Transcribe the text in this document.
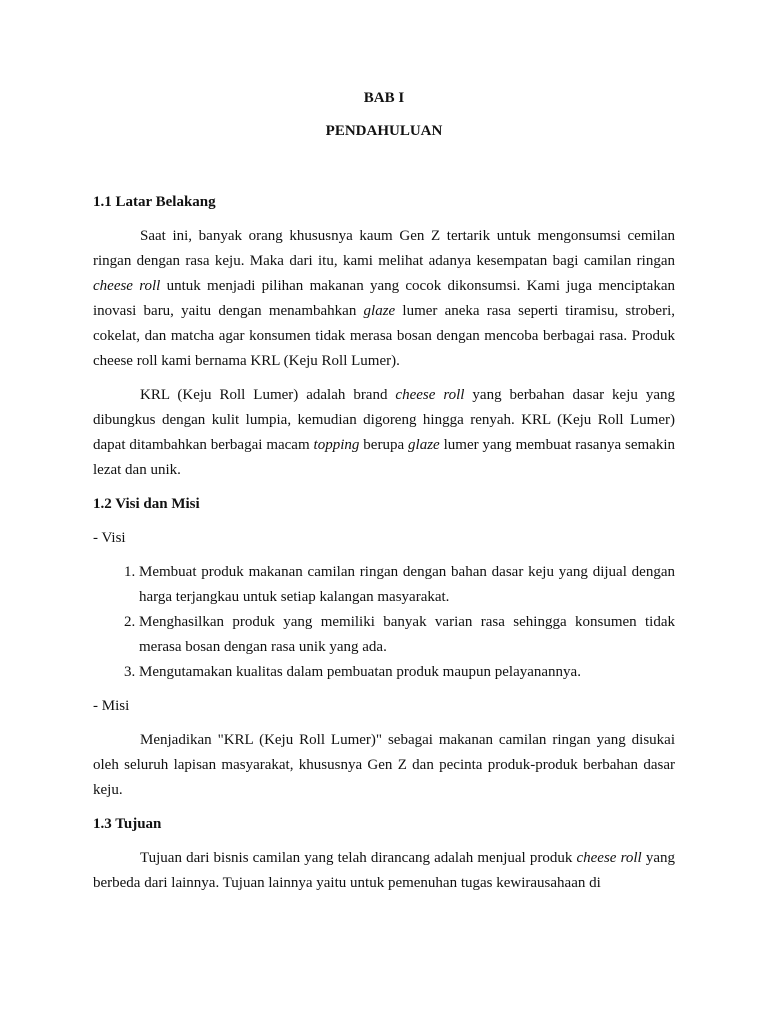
BAB I
PENDAHULUAN
1.1 Latar Belakang

Saat ini, banyak orang khususnya kaum Gen Z tertarik untuk mengonsumsi cemilan ringan dengan rasa keju. Maka dari itu, kami melihat adanya kesempatan bagi camilan ringan cheese roll untuk menjadi pilihan makanan yang cocok dikonsumsi. Kami juga menciptakan inovasi baru, yaitu dengan menambahkan glaze lumer aneka rasa seperti tiramisu, stroberi, cokelat, dan matcha agar konsumen tidak merasa bosan dengan mencoba berbagai rasa. Produk cheese roll kami bernama KRL (Keju Roll Lumer).

KRL (Keju Roll Lumer) adalah brand cheese roll yang berbahan dasar keju yang dibungkus dengan kulit lumpia, kemudian digoreng hingga renyah. KRL (Keju Roll Lumer) dapat ditambahkan berbagai macam topping berupa glaze lumer yang membuat rasanya semakin lezat dan unik.

1.2 Visi dan Misi

- Visi

1. Membuat produk makanan camilan ringan dengan bahan dasar keju yang dijual dengan harga terjangkau untuk setiap kalangan masyarakat.
2. Menghasilkan produk yang memiliki banyak varian rasa sehingga konsumen tidak merasa bosan dengan rasa unik yang ada.
3. Mengutamakan kualitas dalam pembuatan produk maupun pelayanannya.

- Misi

Menjadikan "KRL (Keju Roll Lumer)" sebagai makanan camilan ringan yang disukai oleh seluruh lapisan masyarakat, khususnya Gen Z dan pecinta produk-produk berbahan dasar keju.

1.3 Tujuan

Tujuan dari bisnis camilan yang telah dirancang adalah menjual produk cheese roll yang berbeda dari lainnya. Tujuan lainnya yaitu untuk pemenuhan tugas kewirausahaan di
